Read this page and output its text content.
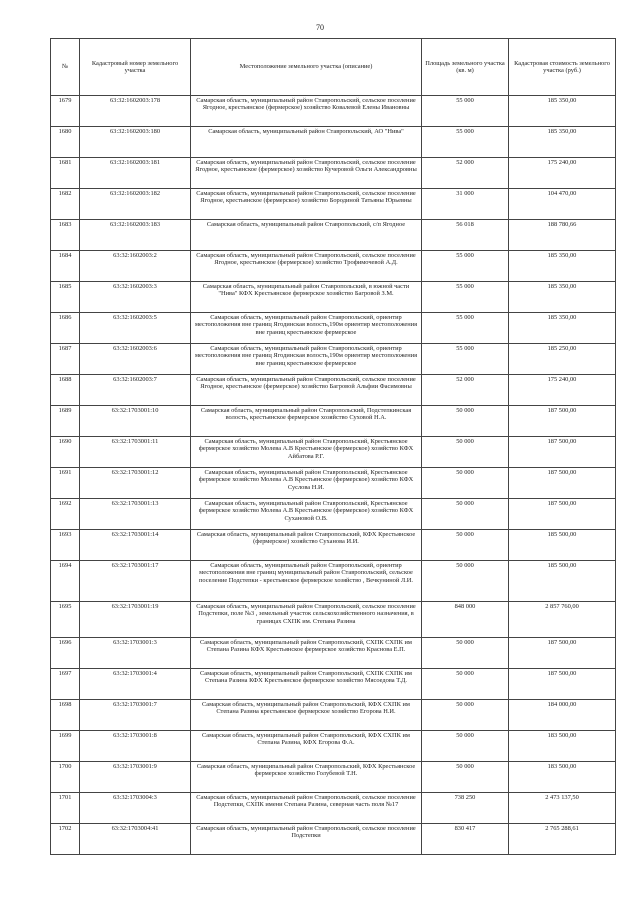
70
№	Кадастровый номер земельного участка	Местоположение земельного участка (описание)	Площадь земельного участка (кв. м)	Кадастровая стоимость земельного участка (руб.)
1679	63:32:1602003:178	Самарская область, муниципальный район Ставропольский, сельское поселение Ягодное, крестьянское (фермерское) хозяйство Ковалевой Елены Ивановны	55 000	185 350,00
1680	63:32:1602003:180	Самарская область, муниципальный район Ставропольский, АО "Нива"	55 000	185 350,00
1681	63:32:1602003:181	Самарская область, муниципальный район Ставропольский, сельское поселение Ягодное, крестьянское (фермерское) хозяйство Кучеровой Ольги Александровны	52 000	175 240,00
1682	63:32:1602003:182	Самарская область, муниципальный район Ставропольский, сельское поселение Ягодное, крестьянское (фермерское) хозяйство Бородиной Татьяны Юрьевны	31 000	104 470,00
1683	63:32:1602003:183	Самарская область, муниципальный район Ставропольский, с/п Ягодное	56 018	188 780,66
1684	63:32:1602003:2	Самарская область, муниципальный район Ставропольский, сельское поселение Ягодное, крестьянское (фермерское) хозяйство Трофимочевой А.Д.	55 000	185 350,00
1685	63:32:1602003:3	Самарская область, муниципальный район Ставропольский, в южной части "Нива" КФХ Крестьянское фермерское хозяйство Багровой З.М.	55 000	185 350,00
1686	63:32:1602003:5	Самарская область, муниципальный район Ставропольский, ориентир местоположения вне границ Ягодинская волость,190м ориентир местоположения вне границ крестьянское фермерское	55 000	185 350,00
1687	63:32:1602003:6	Самарская область, муниципальный район Ставропольский, ориентир местоположения вне границ Ягодинская волость,190м ориентир местоположения вне границ крестьянское фермерское	55 000	185 250,00
1688	63:32:1602003:7	Самарская область, муниципальный район Ставропольский, сельское поселение Ягодное, крестьянское (фермерское) хозяйство Багровой Альфии Фасимовны	52 000	175 240,00
1689	63:32:1703001:10	Самарская область, муниципальный район Ставропольский, Подстепкинская волость, крестьянское фермерское хозяйство Суховой Н.А.	50 000	187 500,00
1690	63:32:1703001:11	Самарская область, муниципальный район Ставропольский, Крестьянское фермерское хозяйство Молева А.В Крестьянское (фермерское) хозяйство КФХ Айбатова Р.Г.	50 000	187 500,00
1691	63:32:1703001:12	Самарская область, муниципальный район Ставропольский, Крестьянское фермерское хозяйство Молева А.В Крестьянское (фермерское) хозяйство КФХ Суслова Н.И.	50 000	187 500,00
1692	63:32:1703001:13	Самарская область, муниципальный район Ставропольский, Крестьянское фермерское хозяйство Молева А.В Крестьянское (фермерское) хозяйство КФХ Сухановой О.В.	50 000	187 500,00
1693	63:32:1703001:14	Самарская область, муниципальный район Ставропольский, КФХ Крестьянское (фермерское) хозяйство Суханова И.И.	50 000	185 500,00
1694	63:32:1703001:17	Самарская область, муниципальный район Ставропольский, ориентир местоположения вне границ муниципальный район Ставропольский, сельское поселение Подстепки - крестьянское фермерское хозяйство , Вечкуниной Л.И.	50 000	185 500,00
1695	63:32:1703001:19	Самарская область, муниципальный район Ставропольский, сельское поселение Подстепки, поле №3 , земельный участок сельскохозяйственного назначения, в границах СХПК им. Степана Разина	848 000	2 857 760,00
1696	63:32:1703001:3	Самарская область, муниципальный район Ставропольский, СХПК СХПК им Степана Разина КФХ Крестьянское фермерское хозяйство Краснова Е.П.	50 000	187 500,00
1697	63:32:1703001:4	Самарская область, муниципальный район Ставропольский, СХПК СХПК им Степана Разина КФХ Крестьянское фермерское хозяйство Мясоедова Т.Д.	50 000	187 500,00
1698	63:32:1703001:7	Самарская область, муниципальный район Ставропольский, КФХ СХПК им Степана Разина крестьянское фермерское хозяйство Егорова Н.И.	50 000	184 000,00
1699	63:32:1703001:8	Самарская область, муниципальный район Ставропольский, КФХ СХПК им Степана Разина, КФХ Егорова Ф.А.	50 000	183 500,00
1700	63:32:1703001:9	Самарская область, муниципальный район Ставропольский, КФХ Крестьянское фермерское хозяйство Голубевой Т.Н.	50 000	183 500,00
1701	63:32:1703004:3	Самарская область, муниципальный район Ставропольский, сельское поселение Подстепки, СХПК имени Степана Разина, северная часть поля №17	738 250	2 473 137,50
1702	63:32:1703004:41	Самарская область, муниципальный район Ставропольский, сельское поселение Подстепки	830 417	2 765 288,61
